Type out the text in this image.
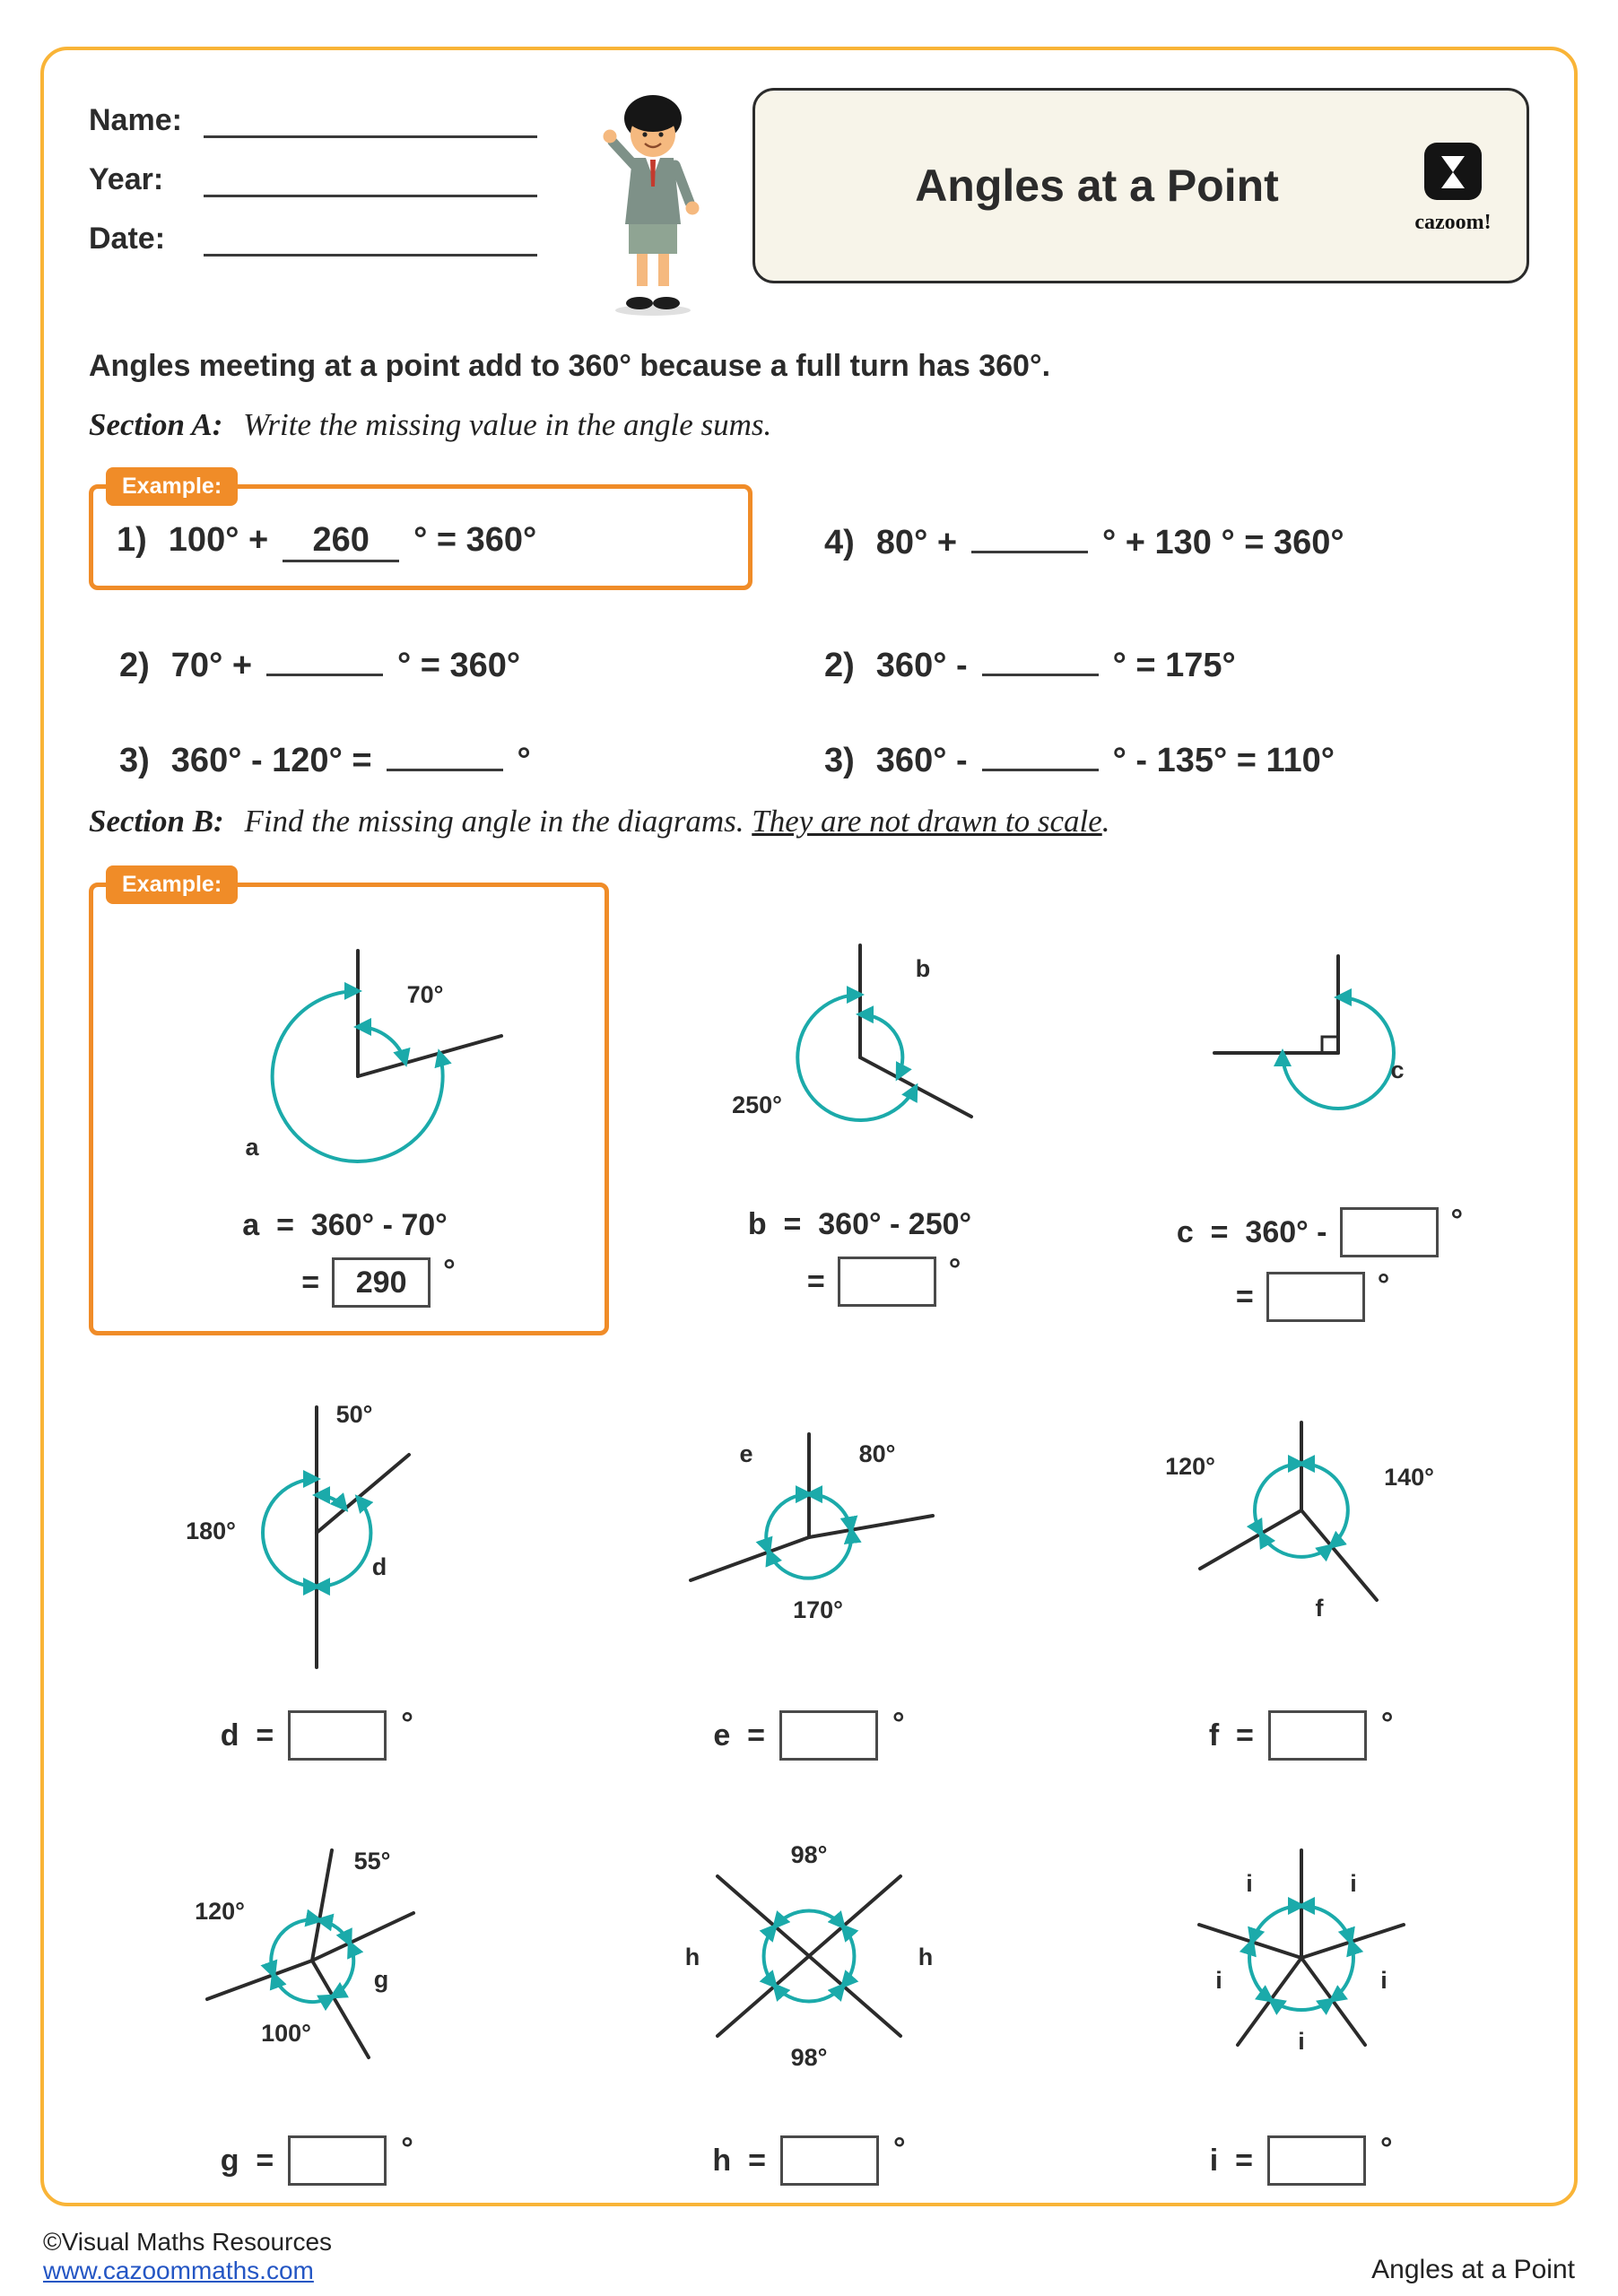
Name:
Year:
Date:
Angles at a Point
cazoom!
Angles meeting at a point add to 360° because a full turn has 360°.
Section A: Write the missing value in the angle sums.
Example:
1) 100° +	260	° = 360°	4) 80° +	° + 130 ° = 360°
2) 70° +	° = 360°	2) 360° -	° = 175°
3) 360° - 120° =	°	3) 360° -	° - 135° = 110°
Section B: Find the missing angle in the diagrams. They are not drawn to scale.
Example:
70°
a
a  =  360° - 70°
=	290	°
250°
b
b  =  360° - 250°
=	°
c
c  =  360° -	°
=	°
50°
180°
d
d  =	°
e	80°
170°
e  =	°
120°	140°
f
f  =	°
55°
120°
100°
g
g  =	°
98°
98°
h	h
h  =	°
i	i
i
i
i
i  =	°
©Visual Maths Resources
www.cazoommaths.com	Angles at a Point
